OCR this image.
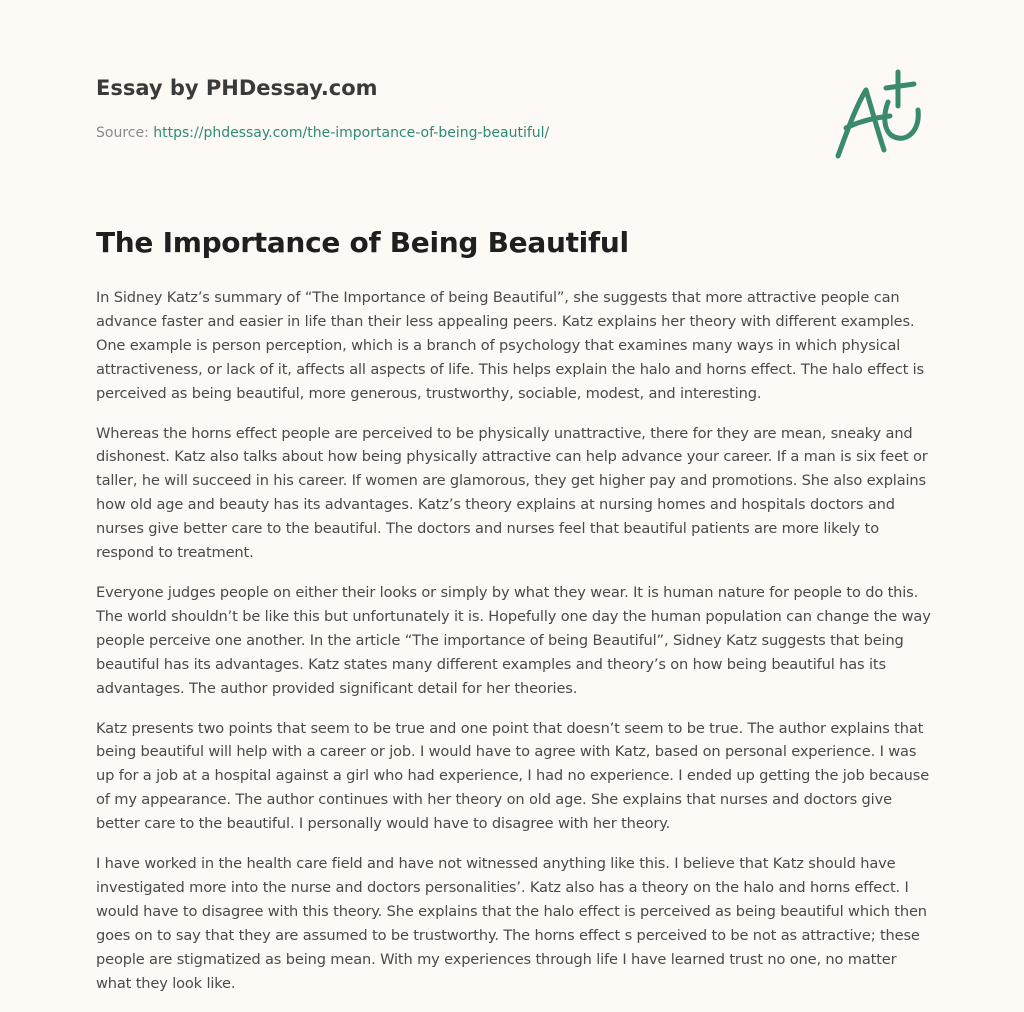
Essay by PHDessay.com
Source: https://phdessay.com/the-importance-of-being-beautiful/
The Importance of Being Beautiful

In Sidney Katz’s summary of “The Importance of being Beautiful”, she suggests that more attractive people can advance faster and easier in life than their less appealing peers. Katz explains her theory with different examples. One example is person perception, which is a branch of psychology that examines many ways in which physical attractiveness, or lack of it, affects all aspects of life. This helps explain the halo and horns effect. The halo effect is perceived as being beautiful, more generous, trustworthy, sociable, modest, and interesting.

Whereas the horns effect people are perceived to be physically unattractive, there for they are mean, sneaky and dishonest. Katz also talks about how being physically attractive can help advance your career. If a man is six feet or taller, he will succeed in his career. If women are glamorous, they get higher pay and promotions. She also explains how old age and beauty has its advantages. Katz’s theory explains at nursing homes and hospitals doctors and nurses give better care to the beautiful. The doctors and nurses feel that beautiful patients are more likely to respond to treatment.

Everyone judges people on either their looks or simply by what they wear. It is human nature for people to do this. The world shouldn’t be like this but unfortunately it is. Hopefully one day the human population can change the way people perceive one another. In the article “The importance of being Beautiful”, Sidney Katz suggests that being beautiful has its advantages. Katz states many different examples and theory’s on how being beautiful has its advantages. The author provided significant detail for her theories.

Katz presents two points that seem to be true and one point that doesn’t seem to be true. The author explains that being beautiful will help with a career or job. I would have to agree with Katz, based on personal experience. I was up for a job at a hospital against a girl who had experience, I had no experience. I ended up getting the job because of my appearance. The author continues with her theory on old age. She explains that nurses and doctors give better care to the beautiful. I personally would have to disagree with her theory.

I have worked in the health care field and have not witnessed anything like this. I believe that Katz should have investigated more into the nurse and doctors personalities’. Katz also has a theory on the halo and horns effect. I would have to disagree with this theory. She explains that the halo effect is perceived as being beautiful which then goes on to say that they are assumed to be trustworthy. The horns effect s perceived to be not as attractive; these people are stigmatized as being mean. With my experiences through life I have learned trust no one, no matter what they look like.
